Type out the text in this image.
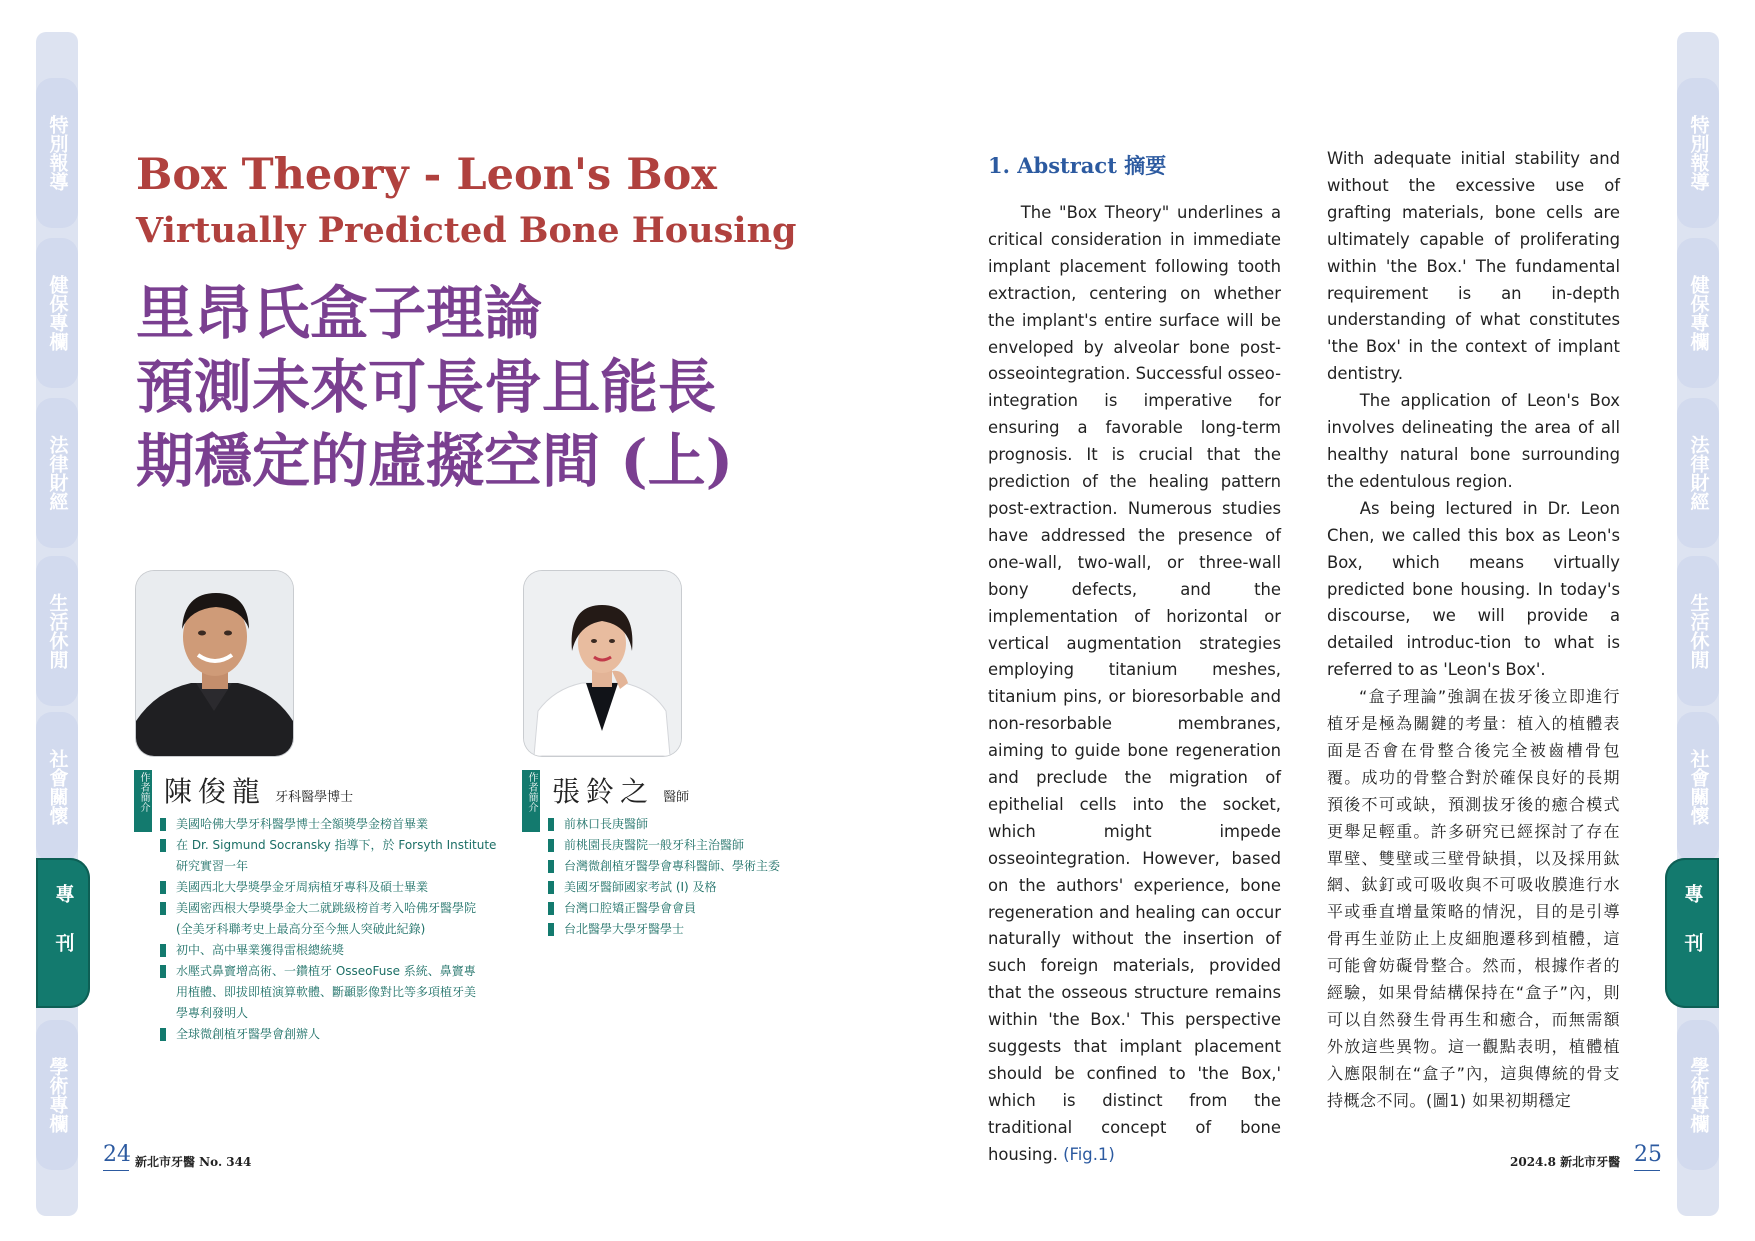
特別報導
健保專欄
法律財經
生活休閒
社會關懷
專刊
學術專欄
特別報導
健保專欄
法律財經
生活休閒
社會關懷
專刊
學術專欄
Box Theory - Leon's Box
Virtually Predicted Bone Housing
里昂氏盒子理論
預測未來可長骨且能長
期穩定的虛擬空間 (上)
作者簡介 陳俊龍 牙科醫學博士
美國哈佛大學牙科醫學博士全額獎學金榜首畢業
在 Dr. Sigmund Socransky 指導下，於 Forsyth Institute
研究實習一年
美國西北大學獎學金牙周病植牙專科及碩士畢業
美國密西根大學獎學金大二就跳級榜首考入哈佛牙醫學院
(全美牙科聯考史上最高分至今無人突破此紀錄)
初中、高中畢業獲得雷根總統獎
水壓式鼻竇增高術、一鑽植牙 OsseoFuse 系統、鼻竇專
用植體、即拔即植演算軟體、斷顳影像對比等多項植牙美
學專利發明人
全球微創植牙醫學會創辦人
作者簡介 張鈴之 醫師
前林口長庚醫師
前桃園長庚醫院一般牙科主治醫師
台灣微創植牙醫學會專科醫師、學術主委
美國牙醫師國家考試 (I) 及格
台灣口腔矯正醫學會會員
台北醫學大學牙醫學士
24 新北市牙醫 No. 344
1. Abstract 摘要

The "Box Theory" underlines a critical consideration in immediate implant placement following tooth extraction, centering on whether the implant's entire surface will be enveloped by alveolar bone post-osseointegration. Successful osseo-integration is imperative for ensuring a favorable long-term prognosis. It is crucial that the prediction of the healing pattern post-extraction. Numerous studies have addressed the presence of one-wall, two-wall, or three-wall bony defects, and the implementation of horizontal or vertical augmentation strategies employing titanium meshes, titanium pins, or bioresorbable and non-resorbable membranes, aiming to guide bone regeneration and preclude the migration of epithelial cells into the socket, which might impede osseointegration. However, based on the authors' experience, bone regeneration and healing can occur naturally without the insertion of such foreign materials, provided that the osseous structure remains within 'the Box.' This perspective suggests that implant placement should be confined to 'the Box,' which is distinct from the traditional concept of bone housing. (Fig.1)

With adequate initial stability and without the excessive use of grafting materials, bone cells are ultimately capable of proliferating within 'the Box.' The fundamental requirement is an in-depth understanding of what constitutes 'the Box' in the context of implant dentistry.

The application of Leon's Box involves delineating the area of all healthy natural bone surrounding the edentulous region.

As being lectured in Dr. Leon Chen, we called this box as Leon's Box, which means virtually predicted bone housing. In today's discourse, we will provide a detailed introduc-tion to what is referred to as 'Leon's Box'.

“盒子理論”強調在拔牙後立即進行植牙是極為關鍵的考量：植入的植體表面是否會在骨整合後完全被齒槽骨包覆。成功的骨整合對於確保良好的長期預後不可或缺，預測拔牙後的癒合模式更舉足輕重。許多研究已經探討了存在單壁、雙壁或三壁骨缺損，以及採用鈦網、鈦釘或可吸收與不可吸收膜進行水平或垂直增量策略的情況，目的是引導骨再生並防止上皮細胞遷移到植體，這可能會妨礙骨整合。然而，根據作者的經驗，如果骨結構保持在“盒子”內，則可以自然發生骨再生和癒合，而無需額外放這些異物。這一觀點表明，植體植入應限制在“盒子”內，這與傳統的骨支持概念不同。(圖1) 如果初期穩定

2024.8 新北市牙醫 25
